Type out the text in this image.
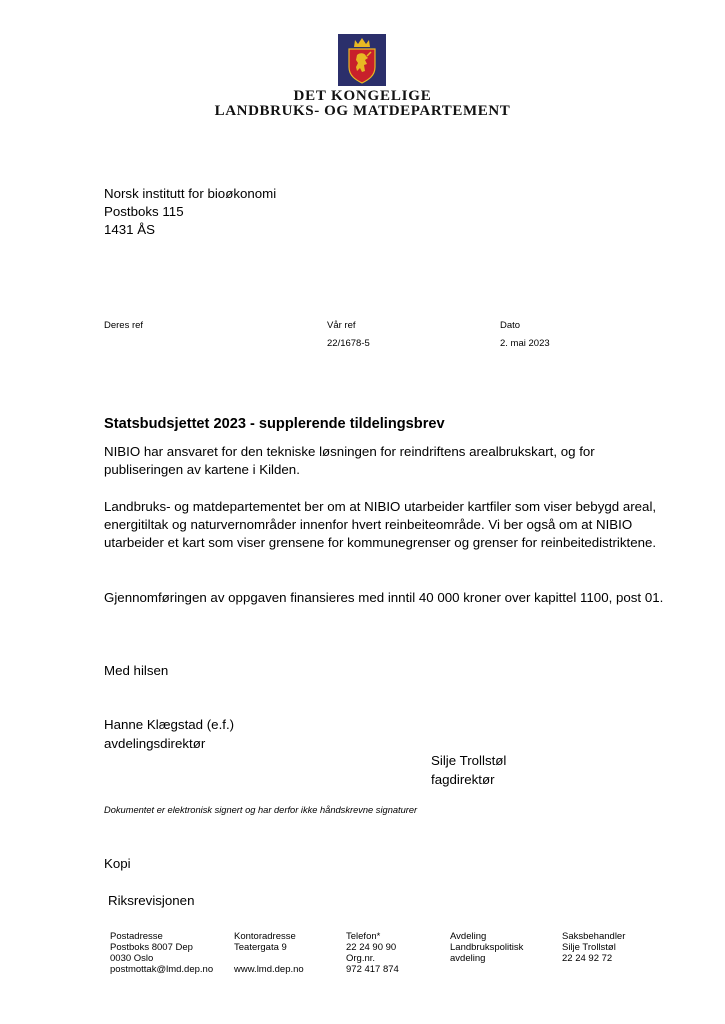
DET KONGELIGE
LANDBRUKS- OG MATDEPARTEMENT
Norsk institutt for bioøkonomi
Postboks 115
1431 ÅS
Deres ref	Vår ref
22/1678-5
Dato
2. mai 2023
Statsbudsjettet 2023 - supplerende tildelingsbrev
NIBIO har ansvaret for den tekniske løsningen for reindriftens arealbrukskart, og for publiseringen av kartene i Kilden.
Landbruks- og matdepartementet ber om at NIBIO utarbeider kartfiler som viser bebygd areal, energitiltak og naturvernområder innenfor hvert reinbeiteområde. Vi ber også om at NIBIO utarbeider et kart som viser grensene for kommunegrenser og grenser for reinbeitedistriktene.
Gjennomføringen av oppgaven finansieres med inntil 40 000 kroner over kapittel 1100, post 01.
Med hilsen
Hanne Klægstad (e.f.)
avdelingsdirektør
Silje Trollstøl
fagdirektør
Dokumentet er elektronisk signert og har derfor ikke håndskrevne signaturer
Kopi
Riksrevisjonen
Postadresse
Postboks 8007 Dep
0030 Oslo
postmottak@lmd.dep.no
Kontoradresse
Teatergata 9

www.lmd.dep.no
Telefon*
22 24 90 90
Org.nr.
972 417 874
Avdeling
Landbrukspolitisk
avdeling
Saksbehandler
Silje Trollstøl
22 24 92 72
